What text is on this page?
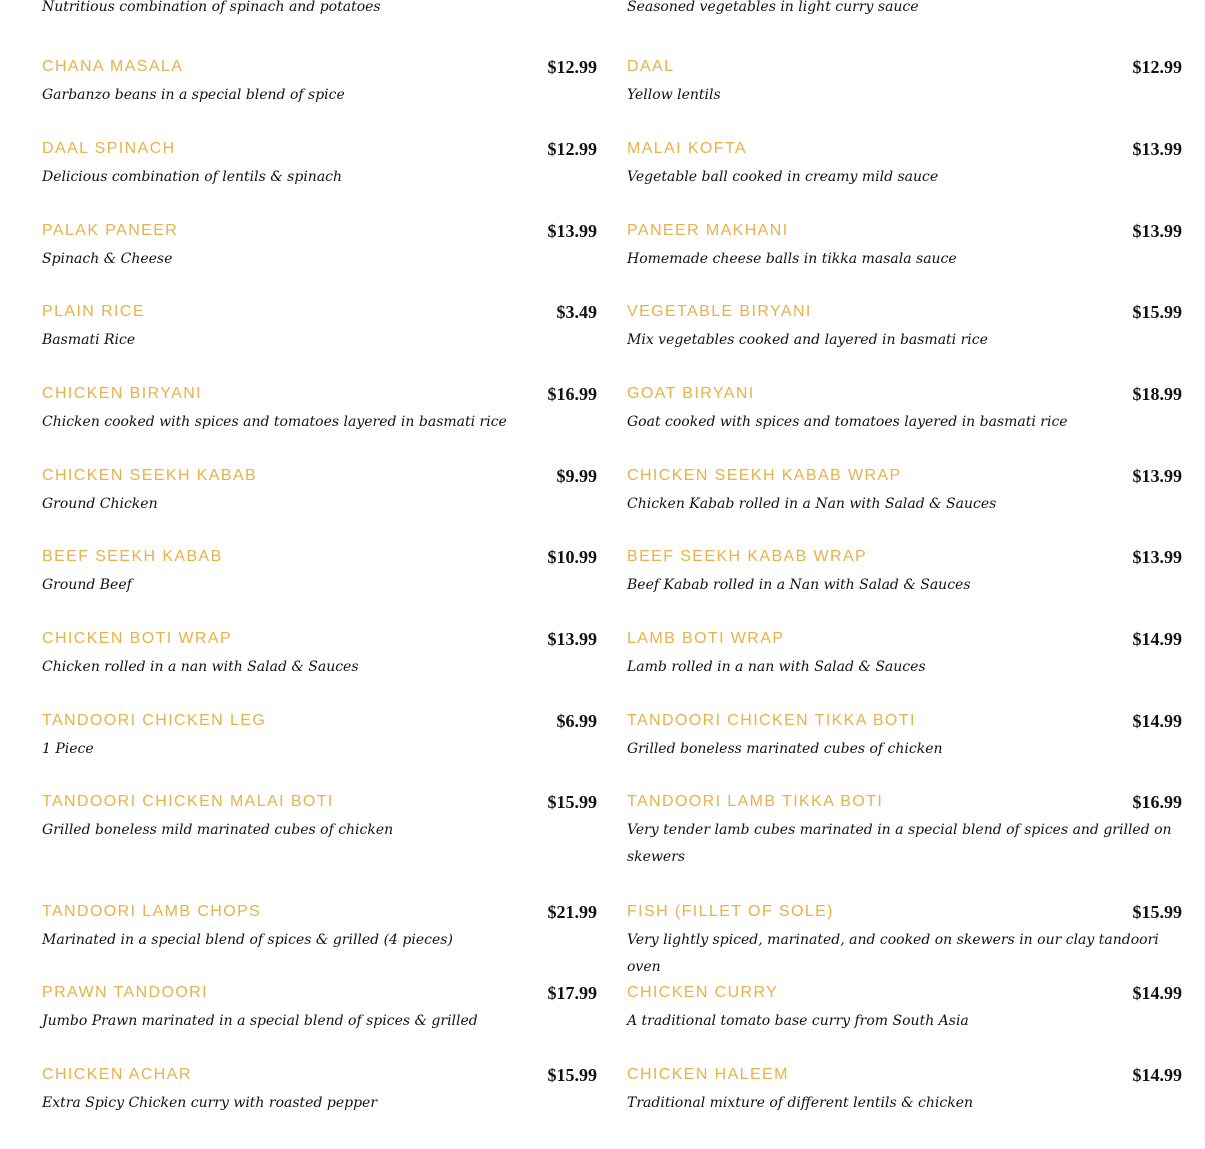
Nutritious combination of spinach and potatoes	Seasoned vegetables in light curry sauce
CHANA MASALA	$12.99
Garbanzo beans in a special blend of spice
DAAL	$12.99
Yellow lentils
DAAL SPINACH	$12.99
Delicious combination of lentils & spinach
MALAI KOFTA	$13.99
Vegetable ball cooked in creamy mild sauce
PALAK PANEER	$13.99
Spinach & Cheese
PANEER MAKHANI	$13.99
Homemade cheese balls in tikka masala sauce
PLAIN RICE	$3.49
Basmati Rice
VEGETABLE BIRYANI	$15.99
Mix vegetables cooked and layered in basmati rice
CHICKEN BIRYANI	$16.99
Chicken cooked with spices and tomatoes layered in basmati rice
GOAT BIRYANI	$18.99
Goat cooked with spices and tomatoes layered in basmati rice
CHICKEN SEEKH KABAB	$9.99
Ground Chicken
CHICKEN SEEKH KABAB WRAP	$13.99
Chicken Kabab rolled in a Nan with Salad & Sauces
BEEF SEEKH KABAB	$10.99
Ground Beef
BEEF SEEKH KABAB WRAP	$13.99
Beef Kabab rolled in a Nan with Salad & Sauces
CHICKEN BOTI WRAP	$13.99
Chicken rolled in a nan with Salad & Sauces
LAMB BOTI WRAP	$14.99
Lamb rolled in a nan with Salad & Sauces
TANDOORI CHICKEN LEG	$6.99
1 Piece
TANDOORI CHICKEN TIKKA BOTI	$14.99
Grilled boneless marinated cubes of chicken
TANDOORI CHICKEN MALAI BOTI	$15.99
Grilled boneless mild marinated cubes of chicken
TANDOORI LAMB TIKKA BOTI	$16.99
Very tender lamb cubes marinated in a special blend of spices and grilled on skewers
TANDOORI LAMB CHOPS	$21.99
Marinated in a special blend of spices & grilled (4 pieces)
FISH (FILLET OF SOLE)	$15.99
Very lightly spiced, marinated, and cooked on skewers in our clay tandoori oven
PRAWN TANDOORI	$17.99
Jumbo Prawn marinated in a special blend of spices & grilled
CHICKEN CURRY	$14.99
A traditional tomato base curry from South Asia
CHICKEN ACHAR	$15.99
Extra Spicy Chicken curry with roasted pepper
CHICKEN HALEEM	$14.99
Traditional mixture of different lentils & chicken
